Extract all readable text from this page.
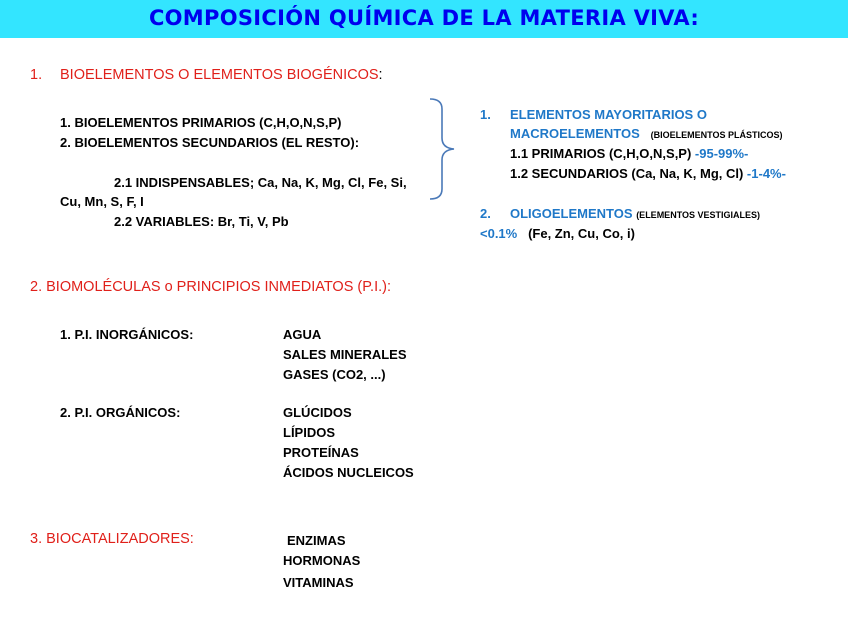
COMPOSICIÓN QUÍMICA DE LA MATERIA VIVA:
1. BIOELEMENTOS O ELEMENTOS BIOGÉNICOS:
1. BIOELEMENTOS PRIMARIOS (C,H,O,N,S,P)
2. BIOELEMENTOS SECUNDARIOS (EL RESTO):
2.1 INDISPENSABLES; Ca, Na, K, Mg, Cl, Fe, Si,
Cu, Mn, S, F, I
2.2 VARIABLES: Br, Ti, V, Pb
1. ELEMENTOS MAYORITARIOS O
MACROELEMENTOS (BIOELEMENTOS PLÁSTICOS)
1.1 PRIMARIOS (C,H,O,N,S,P) -95-99%-
1.2 SECUNDARIOS (Ca, Na, K, Mg, Cl) -1-4%-
2. OLIGOELEMENTOS (ELEMENTOS VESTIGIALES)
<0.1% (Fe, Zn, Cu, Co, i)
2. BIOMOLÉCULAS o PRINCIPIOS INMEDIATOS (P.I.):
1. P.I. INORGÁNICOS:	AGUA
SALES MINERALES
GASES (CO2, ...)
2. P.I. ORGÁNICOS:	GLÚCIDOS
LÍPIDOS
PROTEÍNAS
ÁCIDOS NUCLEICOS
3. BIOCATALIZADORES:	ENZIMAS
HORMONAS
VITAMINAS
